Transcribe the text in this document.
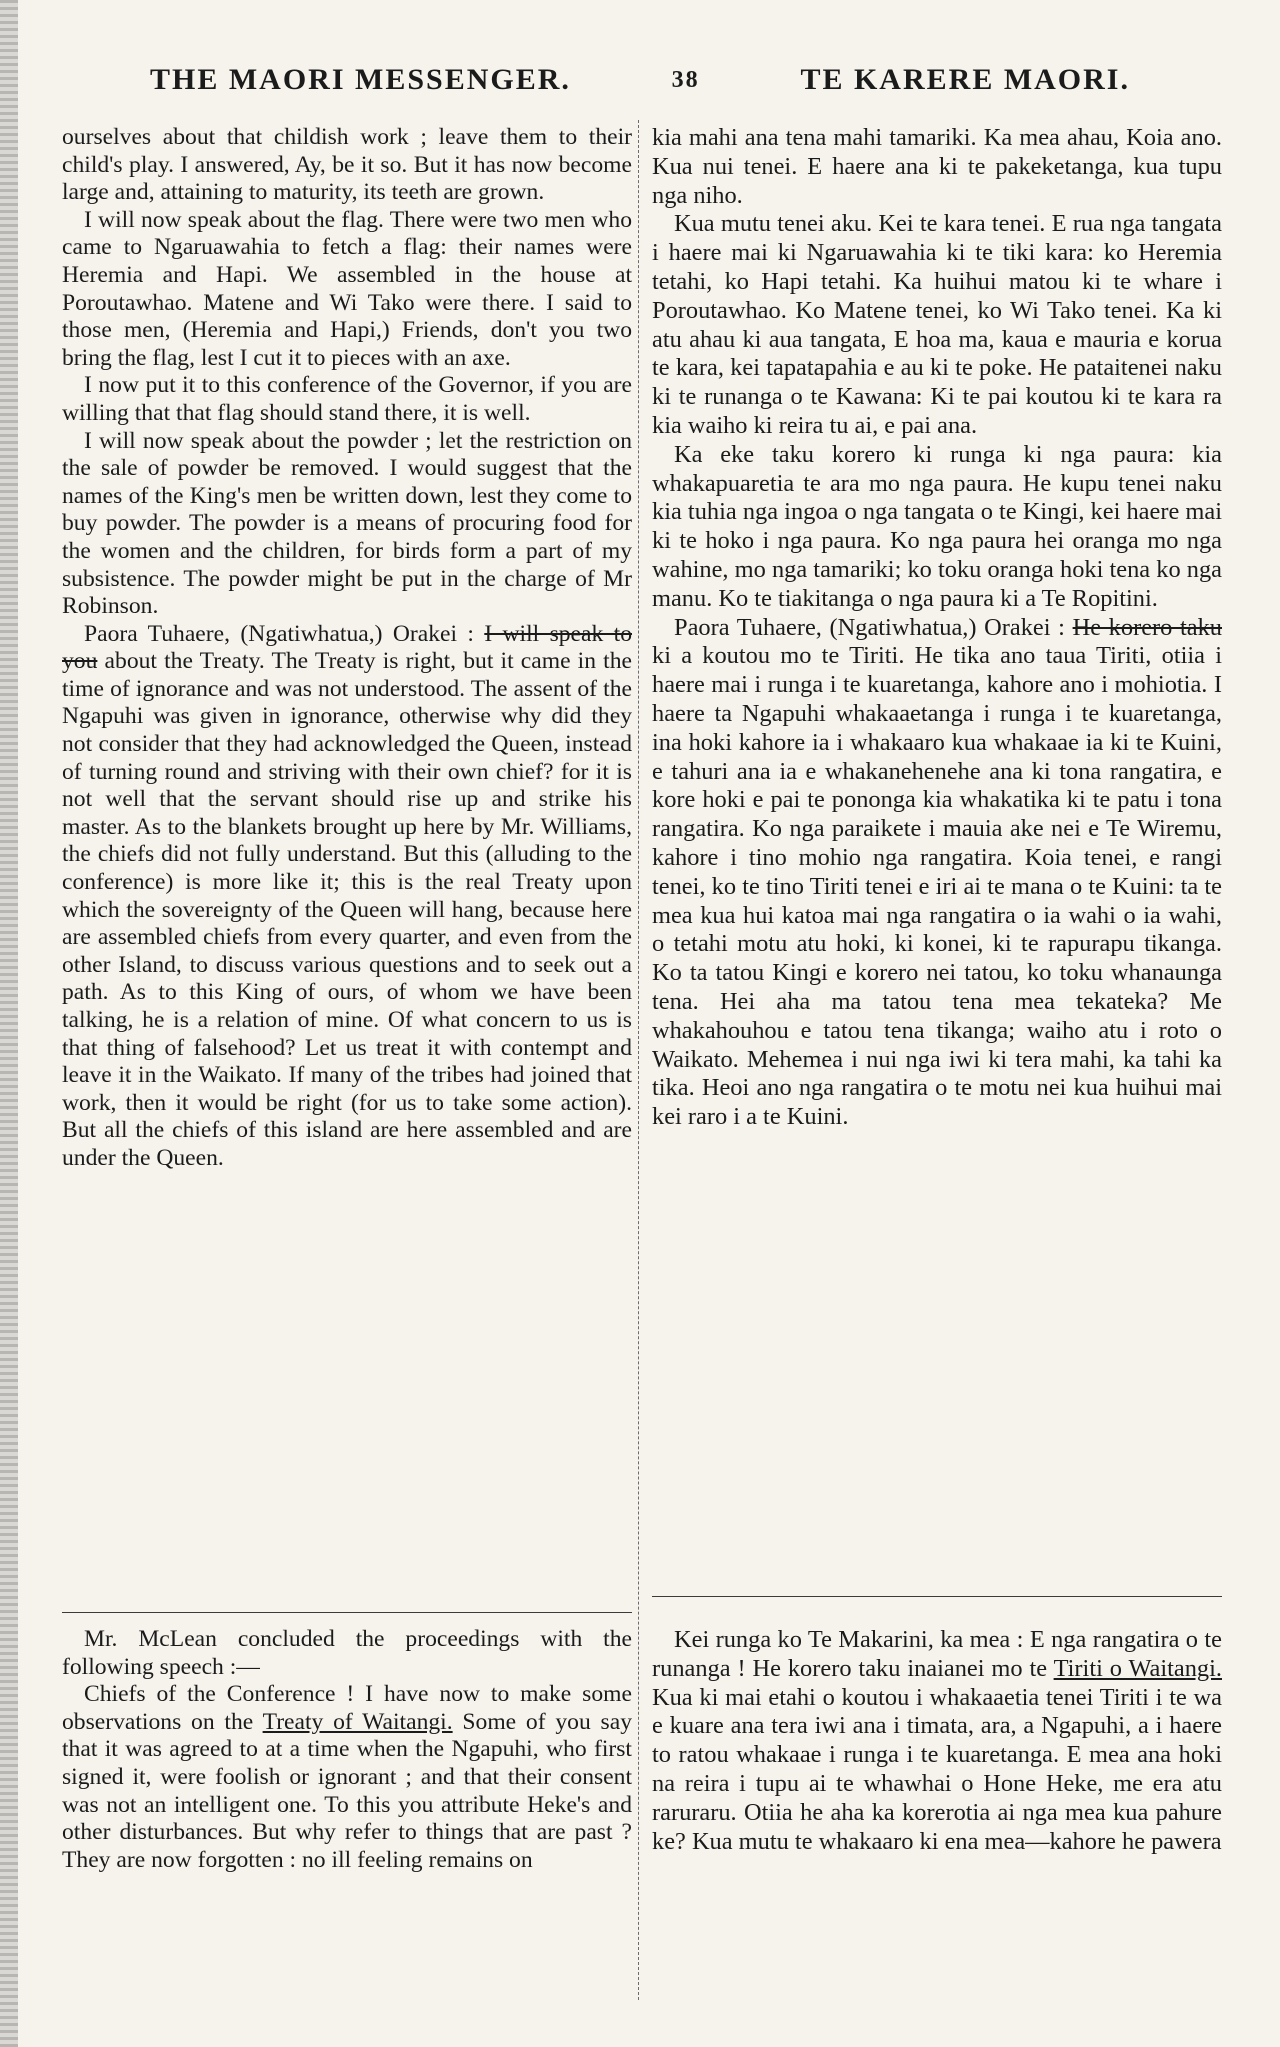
THE MAORI MESSENGER.	38	TE KARERE MAORI.

ourselves about that childish work ; leave them to their child's play. I answered, Ay, be it so. But it has now become large and, attaining to maturity, its teeth are grown.

I will now speak about the flag. There were two men who came to Ngaruawahia to fetch a flag: their names were Heremia and Hapi. We assembled in the house at Poroutawhao. Matene and Wi Tako were there. I said to those men, (Heremia and Hapi,) Friends, don't you two bring the flag, lest I cut it to pieces with an axe.

I now put it to this conference of the Governor, if you are willing that that flag should stand there, it is well.

I will now speak about the powder ; let the restriction on the sale of powder be removed. I would suggest that the names of the King's men be written down, lest they come to buy powder. The powder is a means of procuring food for the women and the children, for birds form a part of my subsistence. The powder might be put in the charge of Mr Robinson.

Paora Tuhaere, (Ngatiwhatua,) Orakei : I will speak to you about the Treaty. The Treaty is right, but it came in the time of ignorance and was not understood. The assent of the Ngapuhi was given in ignorance, otherwise why did they not consider that they had acknowledged the Queen, instead of turning round and striving with their own chief? for it is not well that the servant should rise up and strike his master. As to the blankets brought up here by Mr. Williams, the chiefs did not fully understand. But this (alluding to the conference) is more like it; this is the real Treaty upon which the sovereignty of the Queen will hang, because here are assembled chiefs from every quarter, and even from the other Island, to discuss various questions and to seek out a path. As to this King of ours, of whom we have been talking, he is a relation of mine. Of what concern to us is that thing of falsehood? Let us treat it with contempt and leave it in the Waikato. If many of the tribes had joined that work, then it would be right (for us to take some action). But all the chiefs of this island are here assembled and are under the Queen.

kia mahi ana tena mahi tamariki. Ka mea ahau, Koia ano. Kua nui tenei. E haere ana ki te pakeketanga, kua tupu nga niho.

Kua mutu tenei aku. Kei te kara tenei. E rua nga tangata i haere mai ki Ngaruawahia ki te tiki kara: ko Heremia tetahi, ko Hapi tetahi. Ka huihui matou ki te whare i Poroutawhao. Ko Matene tenei, ko Wi Tako tenei. Ka ki atu ahau ki aua tangata, E hoa ma, kaua e mauria e korua te kara, kei tapatapahia e au ki te poke. He pataitenei naku ki te runanga o te Kawana: Ki te pai koutou ki te kara ra kia waiho ki reira tu ai, e pai ana.

Ka eke taku korero ki runga ki nga paura: kia whakapuaretia te ara mo nga paura. He kupu tenei naku kia tuhia nga ingoa o nga tangata o te Kingi, kei haere mai ki te hoko i nga paura. Ko nga paura hei oranga mo nga wahine, mo nga tamariki; ko toku oranga hoki tena ko nga manu. Ko te tiakitanga o nga paura ki a Te Ropitini.

Paora Tuhaere, (Ngatiwhatua,) Orakei : He korero taku ki a koutou mo te Tiriti. He tika ano taua Tiriti, otiia i haere mai i runga i te kuaretanga, kahore ano i mohiotia. I haere ta Ngapuhi whakaaetanga i runga i te kuaretanga, ina hoki kahore ia i whakaaro kua whakaae ia ki te Kuini, e tahuri ana ia e whakanehenehe ana ki tona rangatira, e kore hoki e pai te pononga kia whakatika ki te patu i tona rangatira. Ko nga paraikete i mauia ake nei e Te Wiremu, kahore i tino mohio nga rangatira. Koia tenei, e rangi tenei, ko te tino Tiriti tenei e iri ai te mana o te Kuini: ta te mea kua hui katoa mai nga rangatira o ia wahi o ia wahi, o tetahi motu atu hoki, ki konei, ki te rapurapu tikanga. Ko ta tatou Kingi e korero nei tatou, ko toku whanaunga tena. Hei aha ma tatou tena mea tekateka? Me whakahouhou e tatou tena tikanga; waiho atu i roto o Waikato. Mehemea i nui nga iwi ki tera mahi, ka tahi ka tika. Heoi ano nga rangatira o te motu nei kua huihui mai kei raro i a te Kuini.

Mr. McLean concluded the proceedings with the following speech :—

Chiefs of the Conference ! I have now to make some observations on the Treaty of Waitangi. Some of you say that it was agreed to at a time when the Ngapuhi, who first signed it, were foolish or ignorant ; and that their consent was not an intelligent one. To this you attribute Heke's and other disturbances. But why refer to things that are past ? They are now forgotten : no ill feeling remains on

Kei runga ko Te Makarini, ka mea : E nga rangatira o te runanga ! He korero taku inaianei mo te Tiriti o Waitangi. Kua ki mai etahi o koutou i whakaaetia tenei Tiriti i te wa e kuare ana tera iwi ana i timata, ara, a Ngapuhi, a i haere to ratou whakaae i runga i te kuaretanga. E mea ana hoki na reira i tupu ai te whawhai o Hone Heke, me era atu raruraru. Otiia he aha ka korerotia ai nga mea kua pahure ke? Kua mutu te whakaaro ki ena mea—kahore he pawera
